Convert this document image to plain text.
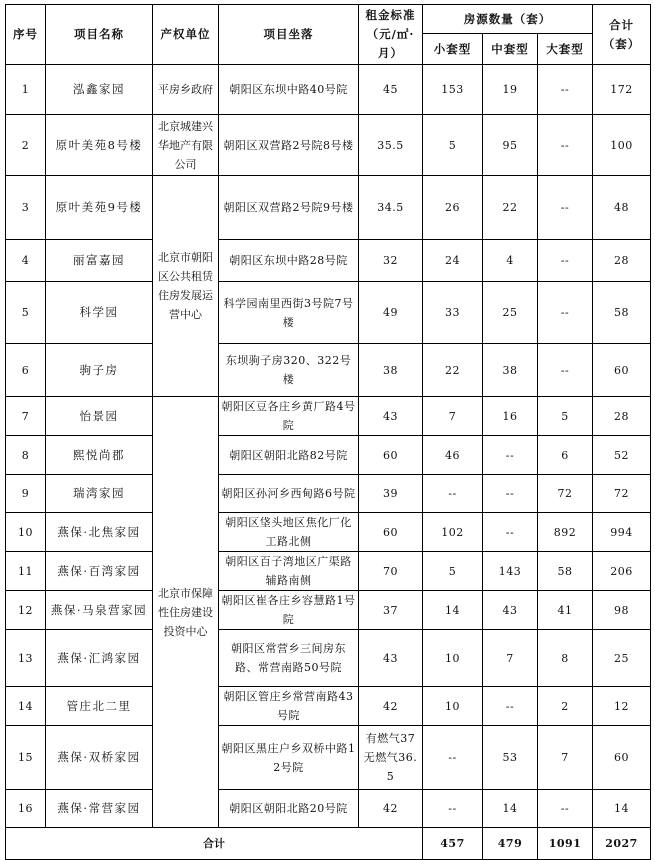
序号	项目名称	产权单位	项目坐落	租金标准（元/㎡·月）	房源数量（套）			合计（套）
					小套型	中套型	大套型	
1	泓鑫家园	平房乡政府	朝阳区东坝中路40号院	45	153	19	--	172
2	原叶美苑8号楼	北京城建兴华地产有限公司	朝阳区双营路2号院8号楼	35.5	5	95	--	100
3	原叶美苑9号楼	北京市朝阳区公共租赁住房发展运营中心	朝阳区双营路2号院9号楼	34.5	26	22	--	48
4	丽富嘉园		朝阳区东坝中路28号院	32	24	4	--	28
5	科学园		科学园南里西街3号院7号楼	49	33	25	--	58
6	驹子房		东坝驹子房320、322号楼	38	22	38	--	60
7	怡景园	北京市保障性住房建设投资中心	朝阳区豆各庄乡黄厂路4号院	43	7	16	5	28
8	熙悦尚郡		朝阳区朝阳北路82号院	60	46	--	6	52
9	瑞湾家园		朝阳区孙河乡西甸路6号院	39	--	--	72	72
10	燕保·北焦家园		朝阳区垡头地区焦化厂化工路北侧	60	102	--	892	994
11	燕保·百湾家园		朝阳区百子湾地区广渠路辅路南侧	70	5	143	58	206
12	燕保·马泉营家园		朝阳区崔各庄乡容慧路1号院	37	14	43	41	98
13	燕保·汇鸿家园		朝阳区常营乡三间房东路、常营南路50号院	43	10	7	8	25
14	管庄北二里		朝阳区管庄乡常营南路43号院	42	10	--	2	12
15	燕保·双桥家园		朝阳区黑庄户乡双桥中路12号院	有燃气37 无燃气36.5	--	53	7	60
16	燕保·常营家园		朝阳区朝阳北路20号院	42	--	14	--	14
合计					457	479	1091	2027
